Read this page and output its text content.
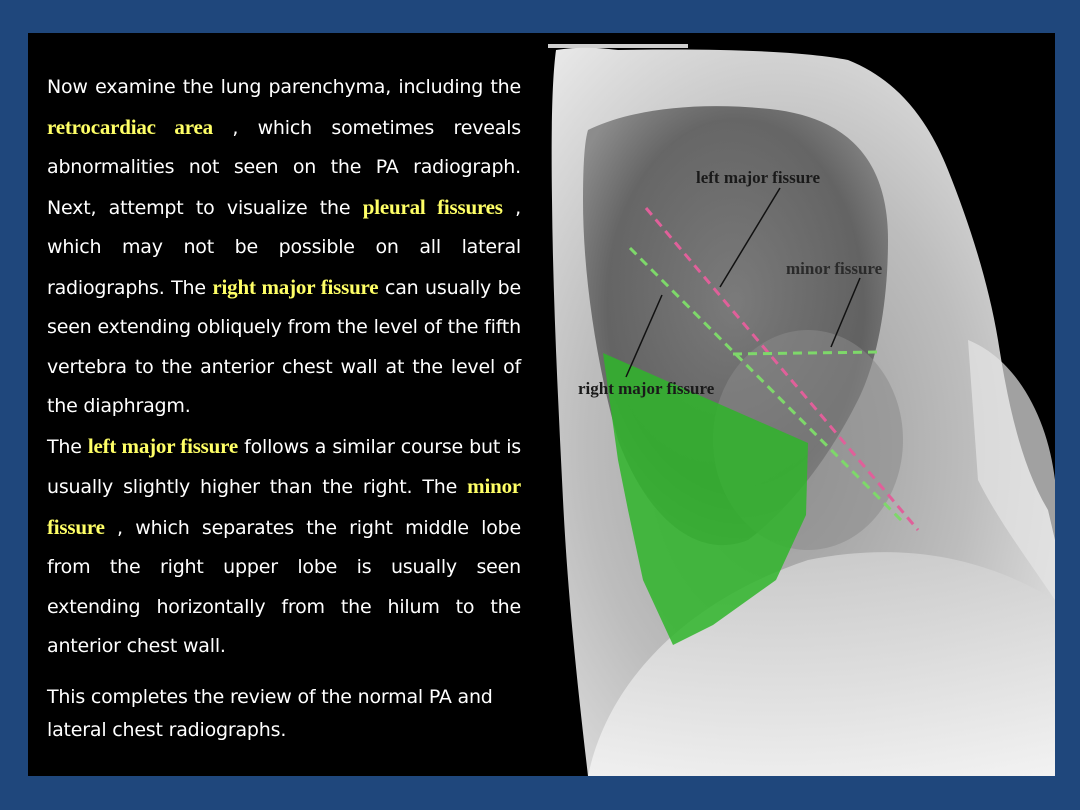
Now examine the lung parenchyma, including the retrocardiac area , which sometimes reveals abnormalities not seen on the PA radiograph. Next, attempt to visualize the pleural fissures , which may not be possible on all lateral radiographs. The right major fissure can usually be seen extending obliquely from the level of the fifth vertebra to the anterior chest wall at the level of the diaphragm.

The left major fissure follows a similar course but is usually slightly higher than the right. The minor fissure , which separates the right middle lobe from the right upper lobe is usually seen extending horizontally from the hilum to the anterior chest wall.

This completes the review of the normal PA and lateral chest radiographs.

left major fissure
minor fissure
right major fissure
